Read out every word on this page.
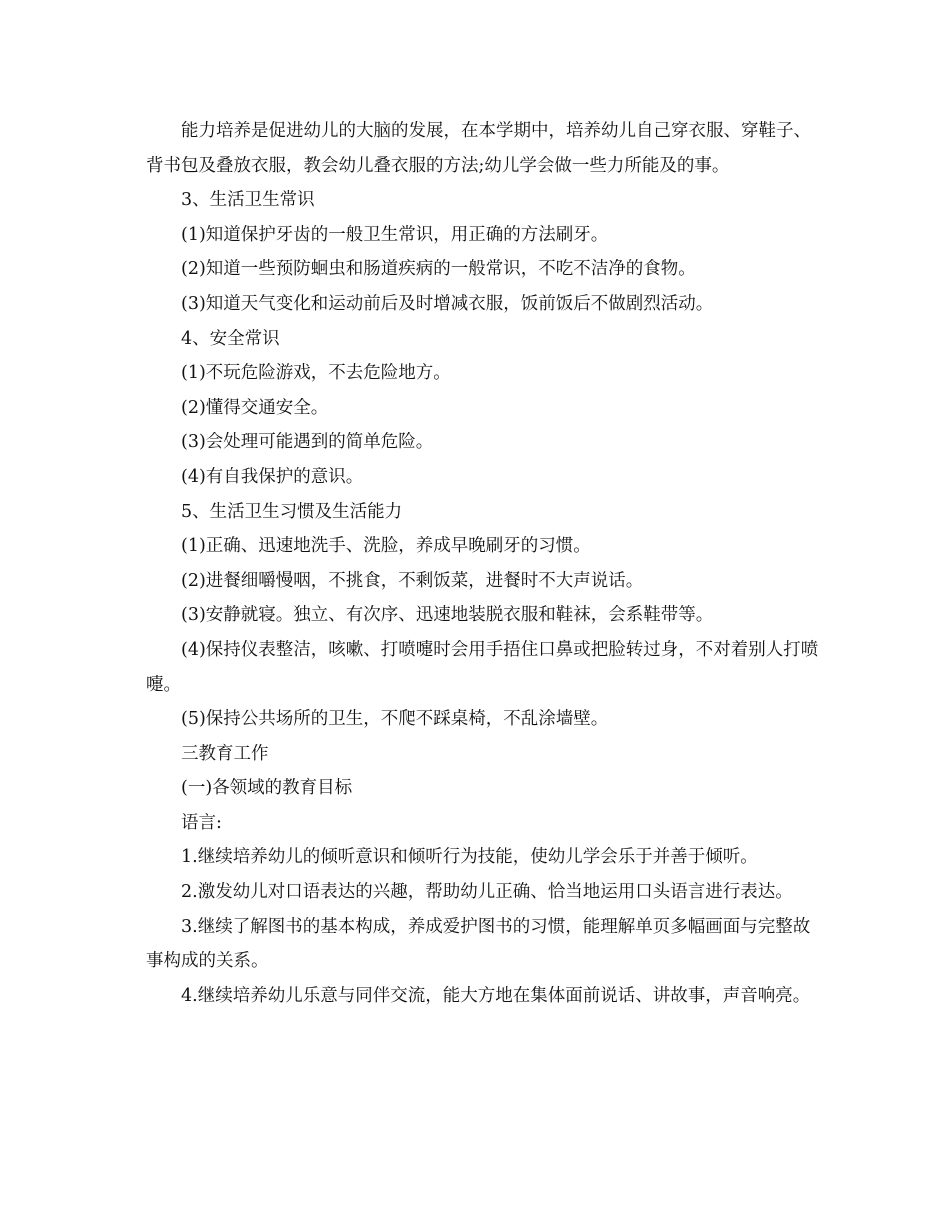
能力培养是促进幼儿的大脑的发展，在本学期中，培养幼儿自己穿衣服、穿鞋子、背书包及叠放衣服，教会幼儿叠衣服的方法;幼儿学会做一些力所能及的事。

3、生活卫生常识

(1)知道保护牙齿的一般卫生常识，用正确的方法刷牙。

(2)知道一些预防蛔虫和肠道疾病的一般常识，不吃不洁净的食物。

(3)知道天气变化和运动前后及时增减衣服，饭前饭后不做剧烈活动。

4、安全常识

(1)不玩危险游戏，不去危险地方。

(2)懂得交通安全。

(3)会处理可能遇到的简单危险。

(4)有自我保护的意识。

5、生活卫生习惯及生活能力

(1)正确、迅速地洗手、洗脸，养成早晚刷牙的习惯。

(2)进餐细嚼慢咽，不挑食，不剩饭菜，进餐时不大声说话。

(3)安静就寝。独立、有次序、迅速地装脱衣服和鞋袜，会系鞋带等。

(4)保持仪表整洁，咳嗽、打喷嚏时会用手捂住口鼻或把脸转过身，不对着别人打喷嚏。

(5)保持公共场所的卫生，不爬不踩桌椅，不乱涂墙壁。

三教育工作

(一)各领域的教育目标

语言:

1.继续培养幼儿的倾听意识和倾听行为技能，使幼儿学会乐于并善于倾听。

2.激发幼儿对口语表达的兴趣，帮助幼儿正确、恰当地运用口头语言进行表达。

3.继续了解图书的基本构成，养成爱护图书的习惯，能理解单页多幅画面与完整故事构成的关系。

4.继续培养幼儿乐意与同伴交流，能大方地在集体面前说话、讲故事，声音响亮。
